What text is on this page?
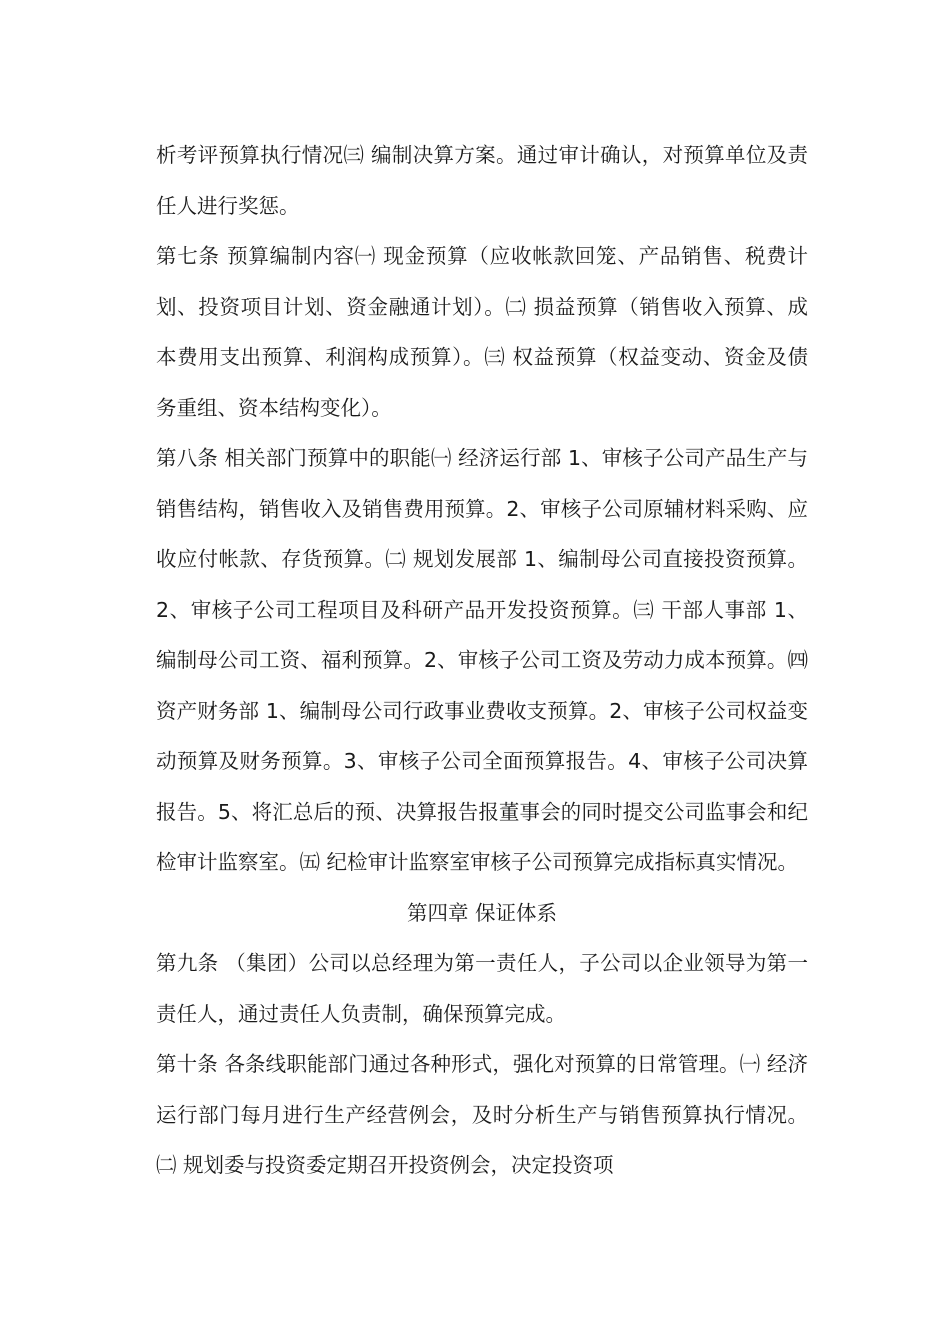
析考评预算执行情况㈢ 编制决算方案。通过审计确认，对预算单位及责任人进行奖惩。

第七条 预算编制内容㈠ 现金预算（应收帐款回笼、产品销售、税费计划、投资项目计划、资金融通计划）。㈡ 损益预算（销售收入预算、成本费用支出预算、利润构成预算）。㈢ 权益预算（权益变动、资金及债务重组、资本结构变化）。

第八条 相关部门预算中的职能㈠ 经济运行部 1、审核子公司产品生产与销售结构，销售收入及销售费用预算。2、审核子公司原辅材料采购、应收应付帐款、存货预算。㈡ 规划发展部 1、编制母公司直接投资预算。2、审核子公司工程项目及科研产品开发投资预算。㈢ 干部人事部 1、编制母公司工资、福利预算。2、审核子公司工资及劳动力成本预算。㈣ 资产财务部 1、编制母公司行政事业费收支预算。2、审核子公司权益变动预算及财务预算。3、审核子公司全面预算报告。4、审核子公司决算报告。5、将汇总后的预、决算报告报董事会的同时提交公司监事会和纪检审计监察室。㈤ 纪检审计监察室审核子公司预算完成指标真实情况。

第四章 保证体系

第九条 （集团）公司以总经理为第一责任人，子公司以企业领导为第一责任人，通过责任人负责制，确保预算完成。

第十条 各条线职能部门通过各种形式，强化对预算的日常管理。㈠ 经济运行部门每月进行生产经营例会，及时分析生产与销售预算执行情况。㈡ 规划委与投资委定期召开投资例会，决定投资项
